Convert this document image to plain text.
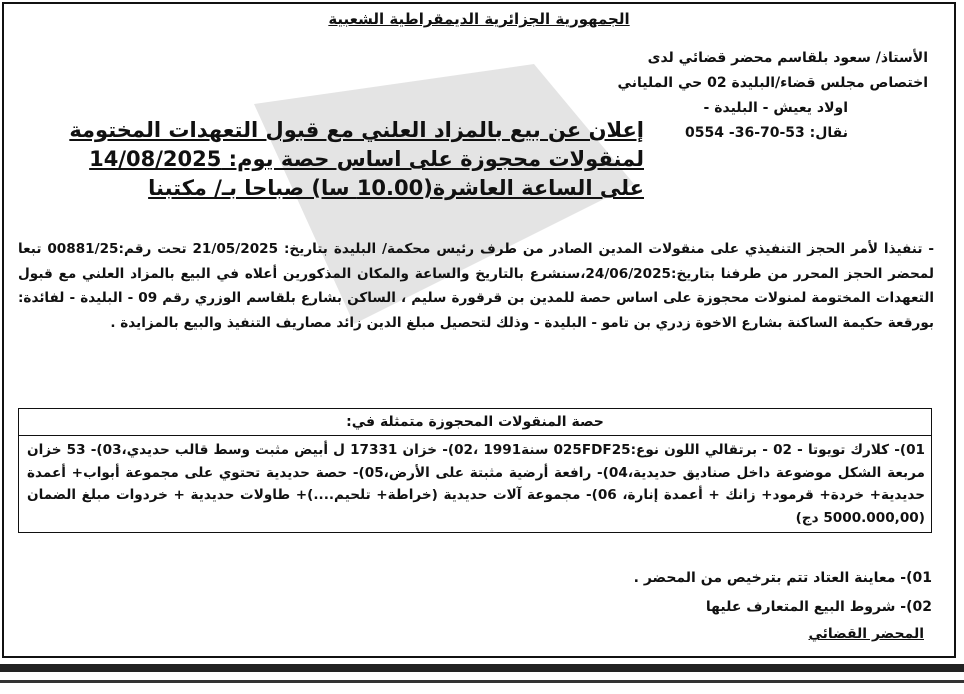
الجمهورية الجزائرية الديمقراطية الشعبية
الأستاذ/ سعود بلقاسم محضر قضائي لدى
اختصاص مجلس قضاء/البليدة 02 حي الملياني
اولاد يعيش - البليدة -
نقال: 53-70-36- 0554
إعلان عن بيع بالمزاد العلني مع قبول التعهدات المختومة
لمنقولات محجوزة على اساس حصة يوم: 14/08/2025
على الساعة العاشرة(10.00 سا) صباحا بـ/ مكتبنا
- تنفيذا لأمر الحجز التنفيذي على منقولات المدين الصادر من طرف رئيس محكمة/ البليدة بتاريخ: 21/05/2025 تحت رقم:00881/25 تبعا لمحضر الحجز المحرر من طرفنا بتاريخ:24/06/2025،سنشرع بالتاريخ والساعة والمكان المذكورين أعلاه في البيع بالمزاد العلني مع قبول التعهدات المختومة لمنولات محجوزة على اساس حصة للمدين بن قرقورة سليم ، الساكن بشارع بلقاسم الوزري رقم 09 - البليدة - لفائدة: بورقعة حكيمة الساكنة بشارع الاخوة زدري بن تامو - البليدة - وذلك لتحصيل مبلغ الدين زائد مصاريف التنفيذ والبيع بالمزايدة .
حصة المنقولات المحجوزة متمثلة في:
01)- كلارك تويوتا - 02 - برتقالي اللون نوع:025FDF25 سنة1991 ،02)- خزان 17331 ل أبيض مثبت وسط قالب حديدي،03)- 53 خزان مربعة الشكل موضوعة داخل صناديق حديدية،04)- رافعة أرضية مثبتة على الأرض،05)- حصة حديدية تحتوي على مجموعة أبواب+ أعمدة حديدية+ خردة+ قرمود+ زانك + أعمدة إنارة، 06)- مجموعة آلات حديدية (خراطة+ تلحيم....)+ طاولات حديدية + خردوات مبلغ الضمان (5000.000,00 دج)
01)- معاينة العتاد تتم بترخيص من المحضر .
02)- شروط البيع المتعارف عليها
المحضر القضائي
